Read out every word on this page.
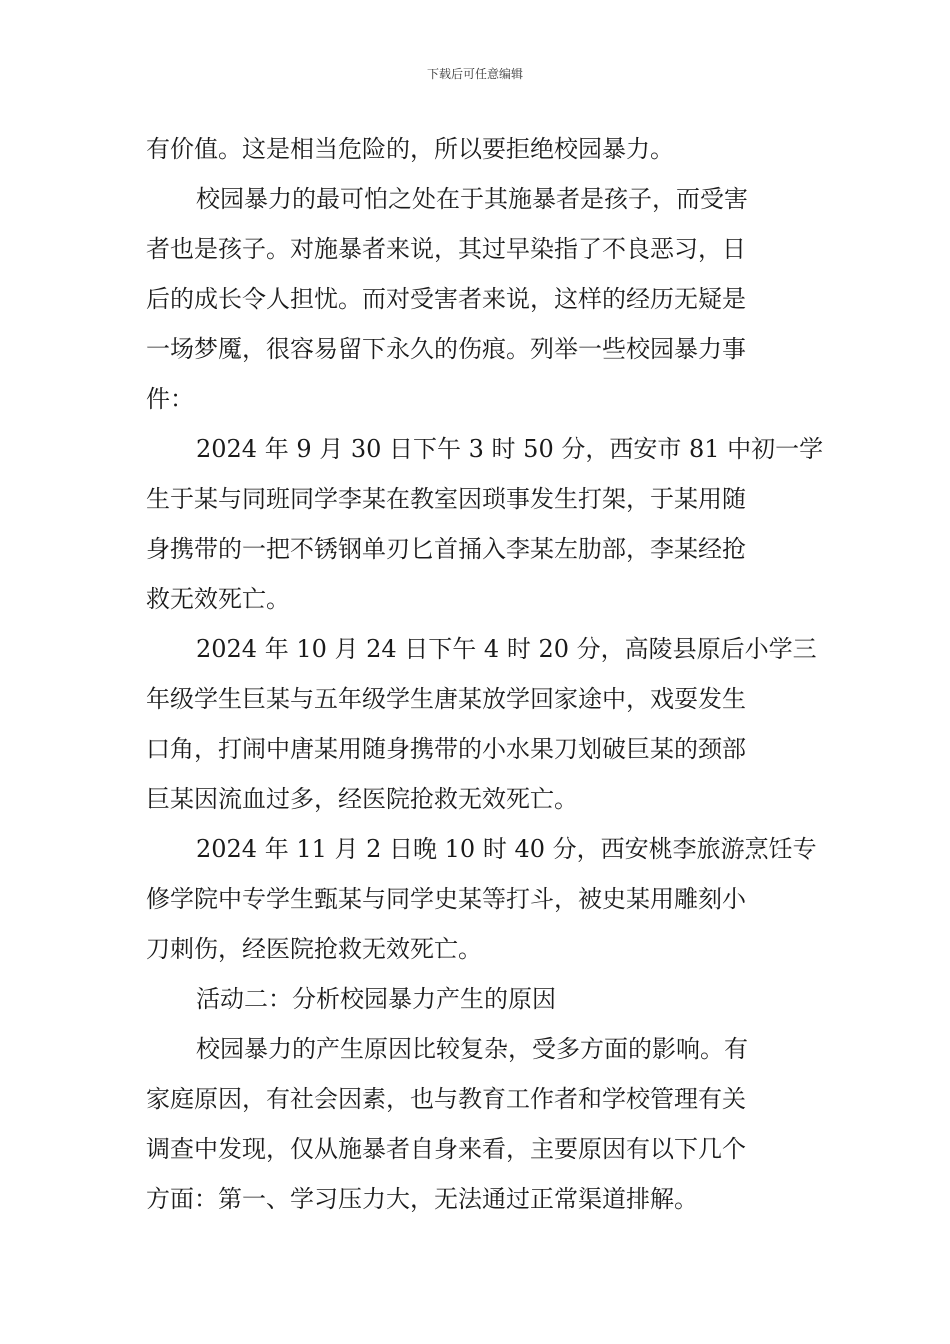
下载后可任意编辑
有价值。这是相当危险的，所以要拒绝校园暴力。
校园暴力的最可怕之处在于其施暴者是孩子，而受害
者也是孩子。对施暴者来说，其过早染指了不良恶习，日
后的成长令人担忧。而对受害者来说，这样的经历无疑是
一场梦魇，很容易留下永久的伤痕。列举一些校园暴力事
件：
2024 年 9 月 30 日下午 3 时 50 分，西安市 81 中初一学
生于某与同班同学李某在教室因琐事发生打架，于某用随
身携带的一把不锈钢单刃匕首捅入李某左肋部，李某经抢
救无效死亡。
2024 年 10 月 24 日下午 4 时 20 分，高陵县原后小学三
年级学生巨某与五年级学生唐某放学回家途中，戏耍发生
口角，打闹中唐某用随身携带的小水果刀划破巨某的颈部
巨某因流血过多，经医院抢救无效死亡。
2024 年 11 月 2 日晚 10 时 40 分，西安桃李旅游烹饪专
修学院中专学生甄某与同学史某等打斗，被史某用雕刻小
刀刺伤，经医院抢救无效死亡。
活动二：分析校园暴力产生的原因
校园暴力的产生原因比较复杂，受多方面的影响。有
家庭原因，有社会因素，也与教育工作者和学校管理有关
调查中发现，仅从施暴者自身来看，主要原因有以下几个
方面：第一、学习压力大，无法通过正常渠道排解。
